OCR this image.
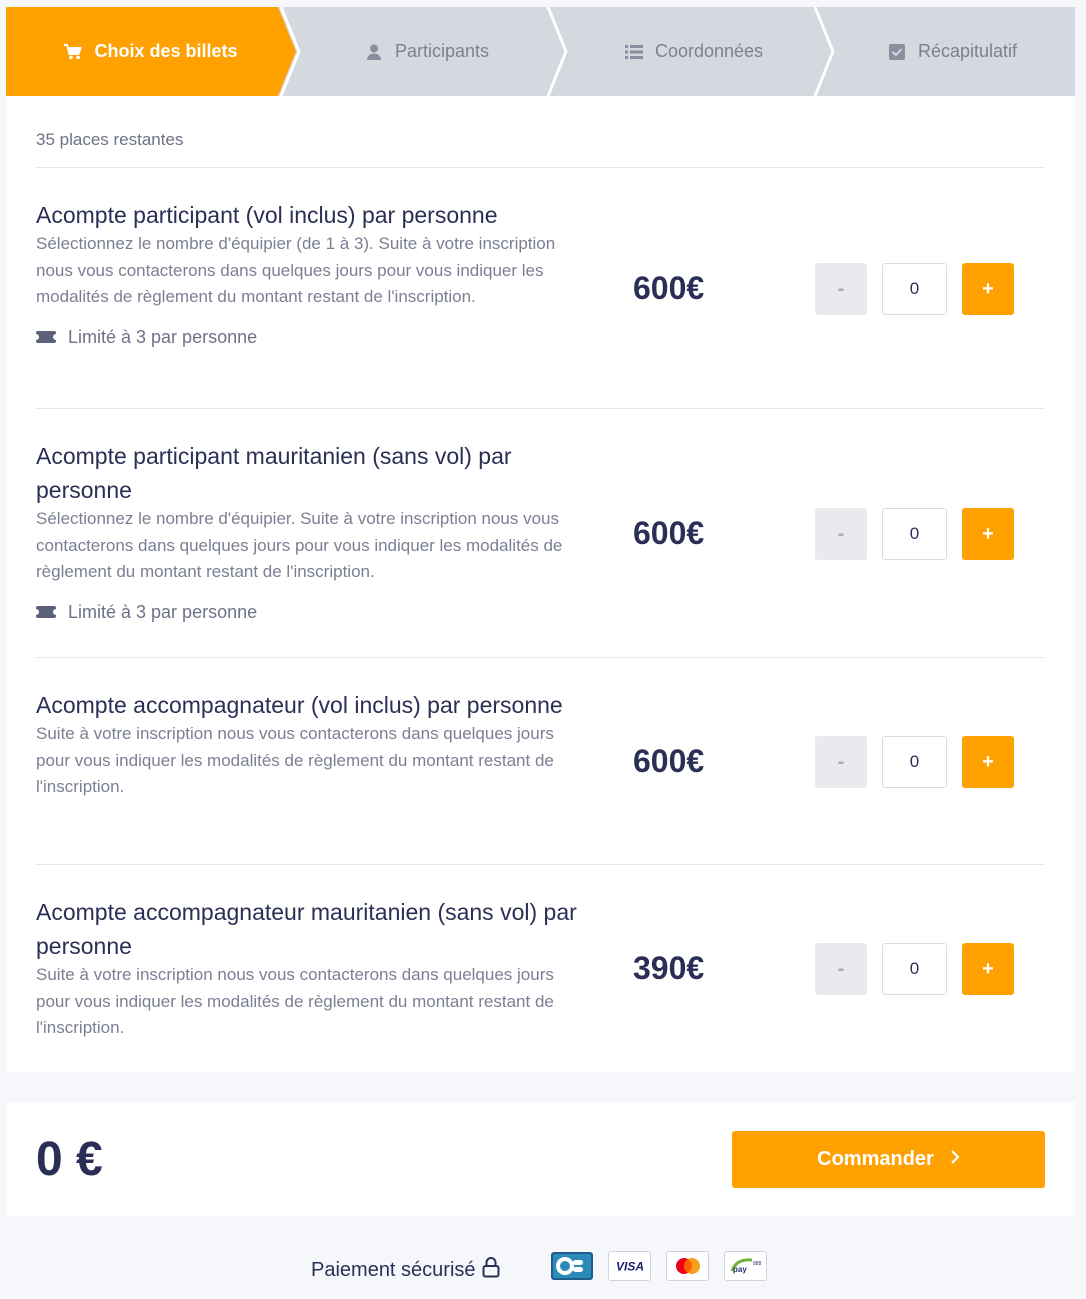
Choix des billets	Participants	Coordonnées	Récapitulatif
35 places restantes
Acompte participant (vol inclus) par personne
Sélectionnez le nombre d'équipier (de 1 à 3). Suite à votre inscription nous vous contacterons dans quelques jours pour vous indiquer les modalités de règlement du montant restant de l'inscription.
Limité à 3 par personne
600€	-	0	+
Acompte participant mauritanien (sans vol) par personne
Sélectionnez le nombre d'équipier. Suite à votre inscription nous vous contacterons dans quelques jours pour vous indiquer les modalités de règlement du montant restant de l'inscription.
Limité à 3 par personne
600€	-	0	+
Acompte accompagnateur (vol inclus) par personne
Suite à votre inscription nous vous contacterons dans quelques jours pour vous indiquer les modalités de règlement du montant restant de l'inscription.
600€	-	0	+
Acompte accompagnateur mauritanien (sans vol) par personne
Suite à votre inscription nous vous contacterons dans quelques jours pour vous indiquer les modalités de règlement du montant restant de l'inscription.
390€	-	0	+
0 €	Commander
Paiement sécurisé	VISA	pay
888
